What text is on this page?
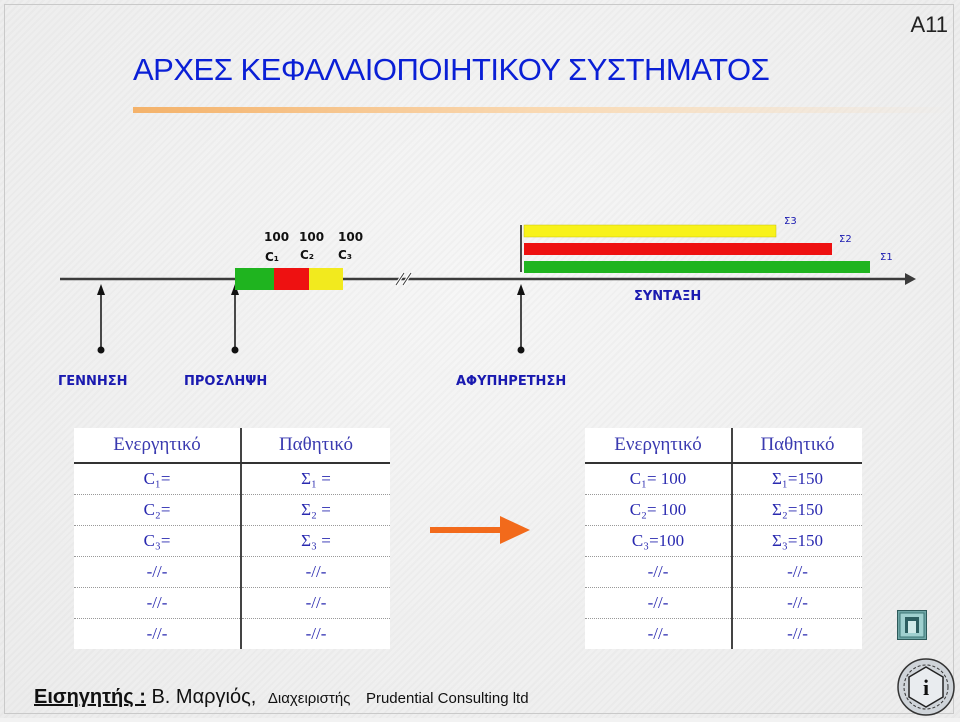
A11
ΑΡΧΕΣ ΚΕΦΑΛΑΙΟΠΟΙΗΤΙΚΟΥ ΣΥΣΤΗΜΑΤΟΣ
100 100 100
C₁ C₂ C₃
Σ3
Σ2
Σ1
ΣΥΝΤΑΞΗ
ΓΕΝΝΗΣΗ	ΠΡΟΣΛΗΨΗ	ΑΦΥΠΗΡΕΤΗΣΗ
Ενεργητικό	Παθητικό
C₁=	Σ₁ =
C₂=	Σ₂ =
C₃=	Σ₃ =
-//-	-//-
-//-	-//-
-//-	-//-
Ενεργητικό	Παθητικό
C₁= 100	Σ₁=150
C₂= 100	Σ₂=150
C₃=100	Σ₃=150
-//-	-//-
-//-	-//-
-//-	-//-
i
Εισηγητής : Β. Μαργιός, Διαχειριστής Prudential Consulting ltd
